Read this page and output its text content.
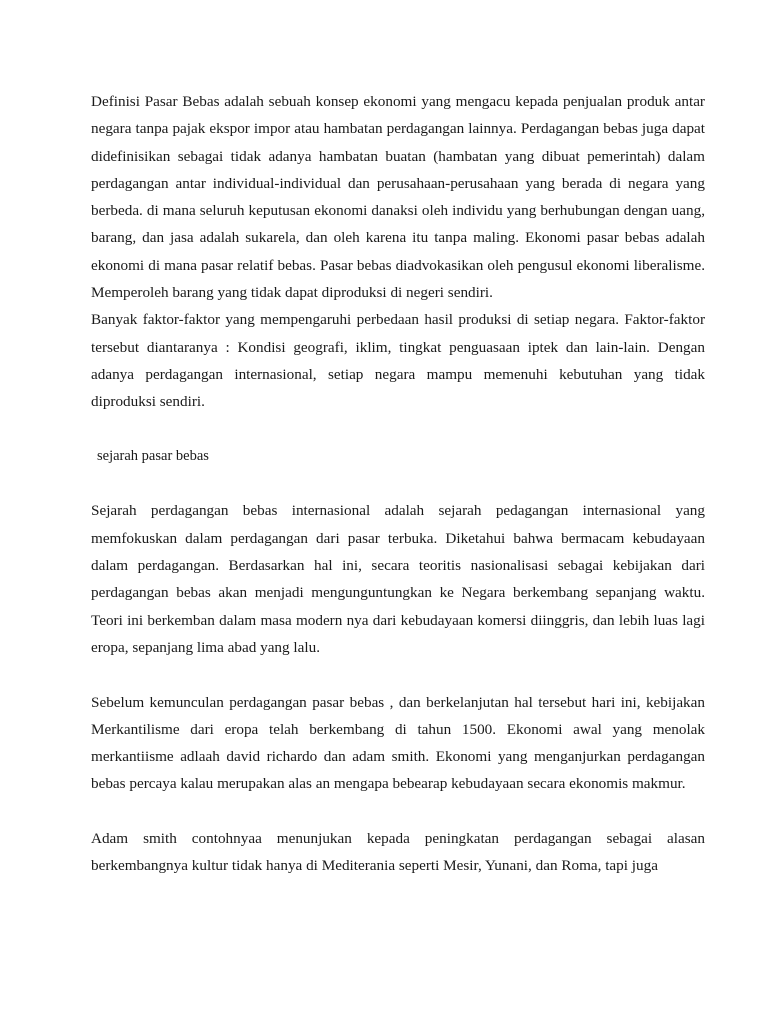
Definisi Pasar Bebas adalah sebuah konsep ekonomi yang mengacu kepada penjualan produk antar negara tanpa pajak ekspor impor atau hambatan perdagangan lainnya. Perdagangan bebas juga dapat didefinisikan sebagai tidak adanya hambatan buatan (hambatan yang dibuat pemerintah) dalam perdagangan antar individual-individual dan perusahaan-perusahaan yang berada di negara yang berbeda. di mana seluruh keputusan ekonomi danaksi oleh individu yang berhubungan dengan uang, barang, dan jasa adalah sukarela, dan oleh karena itu tanpa maling. Ekonomi pasar bebas adalah ekonomi di mana pasar relatif bebas. Pasar bebas diadvokasikan oleh pengusul ekonomi liberalisme. Memperoleh barang yang tidak dapat diproduksi di negeri sendiri.

Banyak faktor-faktor yang mempengaruhi perbedaan hasil produksi di setiap negara. Faktor-faktor tersebut diantaranya : Kondisi geografi, iklim, tingkat penguasaan iptek dan lain-lain. Dengan adanya perdagangan internasional, setiap negara mampu memenuhi kebutuhan yang tidak diproduksi sendiri.

sejarah pasar bebas

Sejarah perdagangan bebas internasional adalah sejarah pedagangan internasional yang memfokuskan dalam perdagangan dari pasar terbuka. Diketahui bahwa bermacam kebudayaan dalam perdagangan. Berdasarkan hal ini, secara teoritis nasionalisasi sebagai kebijakan dari perdagangan bebas akan menjadi mengunguntungkan ke Negara berkembang sepanjang waktu. Teori ini berkemban dalam masa modern nya dari kebudayaan komersi diinggris, dan lebih luas lagi eropa, sepanjang lima abad yang lalu.

Sebelum kemunculan perdagangan pasar bebas , dan berkelanjutan hal tersebut hari ini, kebijakan Merkantilisme dari eropa telah berkembang di tahun 1500. Ekonomi awal yang menolak merkantiisme adlaah david richardo dan adam smith. Ekonomi yang menganjurkan perdagangan bebas percaya kalau merupakan alas an mengapa bebearap kebudayaan secara ekonomis makmur.

Adam smith contohnyaa menunjukan kepada peningkatan perdagangan sebagai alasan berkembangnya kultur tidak hanya di Mediterania seperti Mesir, Yunani, dan Roma, tapi juga
